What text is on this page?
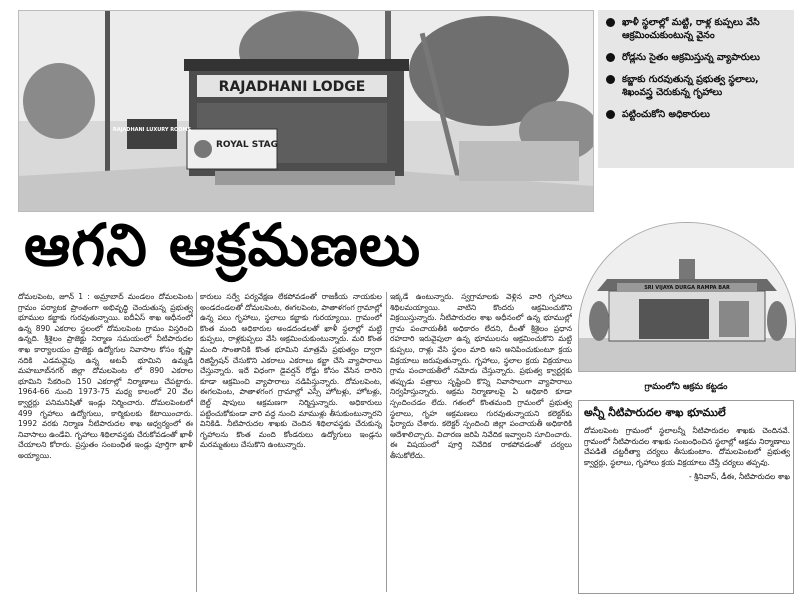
RAJADHANI LODGE
ROYAL STAG
RAJADHANI LUXURY ROOMS
ఖాళీ స్థలాల్లో మట్టి, రాళ్ల కుప్పలు వేసి ఆక్రమించుకుంటున్న వైనం
రోడ్లను సైతం ఆక్రమిస్తున్న వ్యాపారులు
కబ్జాకు గురవుతున్న ప్రభుత్వ స్థలాలు, శిఖంవస్త్ర చెరుకున్న గృహాలు
పట్టించుకోని అధికారులు
ఆగని ఆక్రమణలు
SRI VIJAYA DURGA RAMPA BAR
గ్రామంలోని ఆక్రమ కట్టడం
దోమలపెంట, జూన్ 1 : అమ్రాబాద్ మండలం దోమలపెంట గ్రామం పర్యాటక ప్రాంతంగా అభివృద్ధి చెందుతున్న ప్రభుత్వ భూముల కబ్జాకు గురవుతున్నాయి. ఐదీఏస్ శాఖ ఆధీనంలో ఉన్న 890 ఎకరాల స్థలంలో దోమలపెంట గ్రామం విస్తరించి ఉన్నది. శ్రీశైలం ప్రాజెక్టు నిర్మాణ సమయంలో నీటిపారుదల శాఖ కార్యాలయం ప్రాజెక్టు ఉద్యోగుల నివాసాల కోసం కృష్ణా నదికి ఎడమవైపు ఉన్న అటవీ భూమిని ఉమ్మడి మహబూబ్‌నగర్ జిల్లా దోమలపెంట లో 890 ఎకరాల భూమిని సేకరించి 150 ఎకరాల్లో నిర్మాణాలు చేపట్టారు. 1964-66 నుంచి 1973-75 మధ్య కాలంలో 20 వేల క్వార్టర్లు పనిమనిషితో ఇండ్లు నిర్మించారు. దోమలపెంటలో 499 గృహాలు ఉద్యోగులు, కార్మికులకు కేటాయించారు. 1992 వరకు నిర్మాణ నీటిపారుదల శాఖ ఆధ్వర్యంలో ఈ నివాసాలు ఉండేవి. గృహాలు శిథిలావస్థకు చేరుకోవడంతో ఖాళీ చేయాలని కోరారు. ప్రస్తుతం సంబంధిత ఇండ్లు పూర్తిగా ఖాళీ అయ్యాయి.
కారులు సర్వే పర్యవేక్షణ లేకపోవడంతో రాజకీయ నాయకుల అండదండలతో దోమలపెంట, ఈగలపెంట, పాతాళగంగ గ్రామాల్లో ఉన్న పలు గృహాలు, స్థలాలు కబ్జాకు గురయ్యాయి. గ్రామంలో కొంత మంది అధికారుల అండదండలతో ఖాళీ స్థలాల్లో మట్టి కుప్పలు, రాళ్లకుప్పలు వేసి ఆక్రమించుకుంటున్నారు. మరి కొంత మంది సొంతానికి కొంత భూమిని మాత్రమే ప్రభుత్వం ద్వారా రిజిస్ట్రేషన్ చేసుకొని ఎకరాలు ఎకరాలు కబ్జా చేసి వ్యాపారాలు చేస్తున్నారు. ఇదే విధంగా డైవర్షన్ రోడ్డు కోసం వేసిన దారిని కూడా ఆక్రమించి వ్యాపారాలు నడిపిస్తున్నారు. దోమలపెంట, ఈగలపెంట, పాతాళగంగ గ్రామాల్లో ఎస్సీ హోటళ్లు, హోటళ్లు, బెల్ట్ షాపులు ఆక్రమణగా నిర్మిస్తున్నారు. అధికారులు పట్టించుకోకుండా వారి వద్ద నుంచి మాముళ్లు తీసుకుంటున్నారని వినికిడి. నీటిపారుదల శాఖకు చెందిన శిథిలావస్థకు చేరుకున్న గృహాలను కొంత మంది కోండరులు ఉద్యోగులు ఇండ్లను మరమ్మతులు చేసుకొని ఉంటున్నారు.
ఇక్కడే ఉంటున్నారు. స్వగ్రామాలకు వెళ్లిన వారి గృహాలు శిథిలమయ్యాయి. వాటిని కొందరు ఆక్రమించుకొని విక్రయిస్తున్నారు. నీటిపారుదల శాఖ అధీనంలో ఉన్న భూముల్లో గ్రామ పంచాయతీకి అధికారం లేదని, దీంతో శ్రీశైలం ప్రధాన రహదారి ఇరువైపులా ఉన్న భూములను ఆక్రమించుకొని మట్టి కుప్పలు, రాళ్లు వేసి స్థలం మాది అని అనిపించుకుంటూ క్రయ విక్రయాలు జరుపుతున్నారు. గృహాలు, స్థలాల క్రయ విక్రయాలు గ్రామ పంచాయతీలో నమోదు చేస్తున్నారు. ప్రభుత్వ క్వార్టర్లకు తప్పుడు పత్రాలు సృష్టించి కొన్ని నివాసాలుగా వ్యాపారాలు నిర్వహిస్తున్నారు. ఆక్రమ నిర్మాణాలపై ఏ అధికారి కూడా స్పందించడం లేదు. గతంలో కొంతమంది గ్రామంలో ప్రభుత్వ స్థలాలు, గృహ ఆక్రమణలు గురవుతున్నాయని కలెక్టర్‌కు ఫిర్యాదు చేశారు. కలెక్టర్ స్పందించి జిల్లా పంచాయతీ అధికారికి ఆదేశాలిచ్చారు. విచారణ జరిపి నివేదిక ఇవ్వాలని సూచించారు. ఈ విషయంలో పూర్తి నివేదిక రాకపోవడంతో చర్యలు తీసుకోలేదు.
అన్నీ నీటిపారుదల శాఖ భూములే
దోమలపెంట గ్రామంలో స్థలాలన్నీ నీటిపారుదల శాఖకు చెందినవే. గ్రామంలో నీటిపారుదల శాఖకు సంబంధించిన స్థలాల్లో ఆక్రమ నిర్మాణాలు చేపడితే చట్టరీత్యా చర్యలు తీసుకుంటాం. దోమలపెంటలో ప్రభుత్వ క్వార్టర్లు, స్థలాలు, గృహాలు క్రయ విక్రయాలు చేస్తే చర్యలు తప్పవు.
- శ్రీనివాస్, డీఈ, నీటిపారుదల శాఖ
